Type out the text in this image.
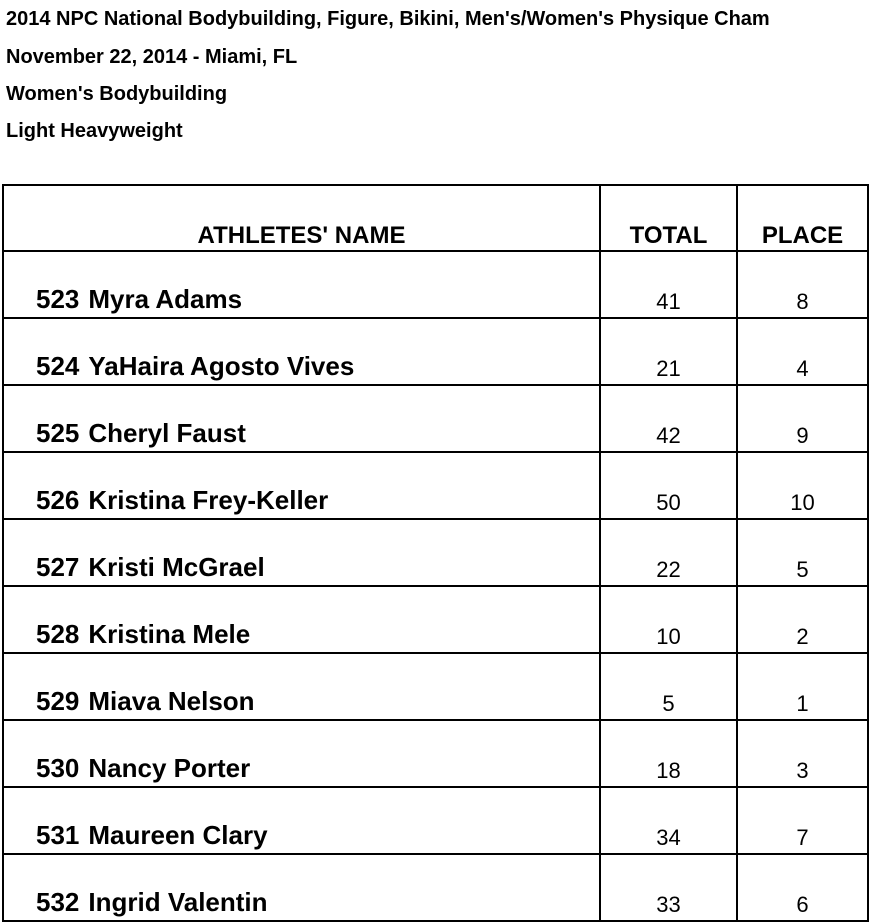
2014 NPC National Bodybuilding, Figure, Bikini, Men's/Women's Physique Cham
November 22, 2014 - Miami, FL
Women's Bodybuilding
Light Heavyweight
ATHLETES' NAME	TOTAL	PLACE
523 Myra Adams	41	8
524 YaHaira Agosto Vives	21	4
525 Cheryl Faust	42	9
526 Kristina Frey-Keller	50	10
527 Kristi McGrael	22	5
528 Kristina Mele	10	2
529 Miava Nelson	5	1
530 Nancy Porter	18	3
531 Maureen Clary	34	7
532 Ingrid Valentin	33	6
